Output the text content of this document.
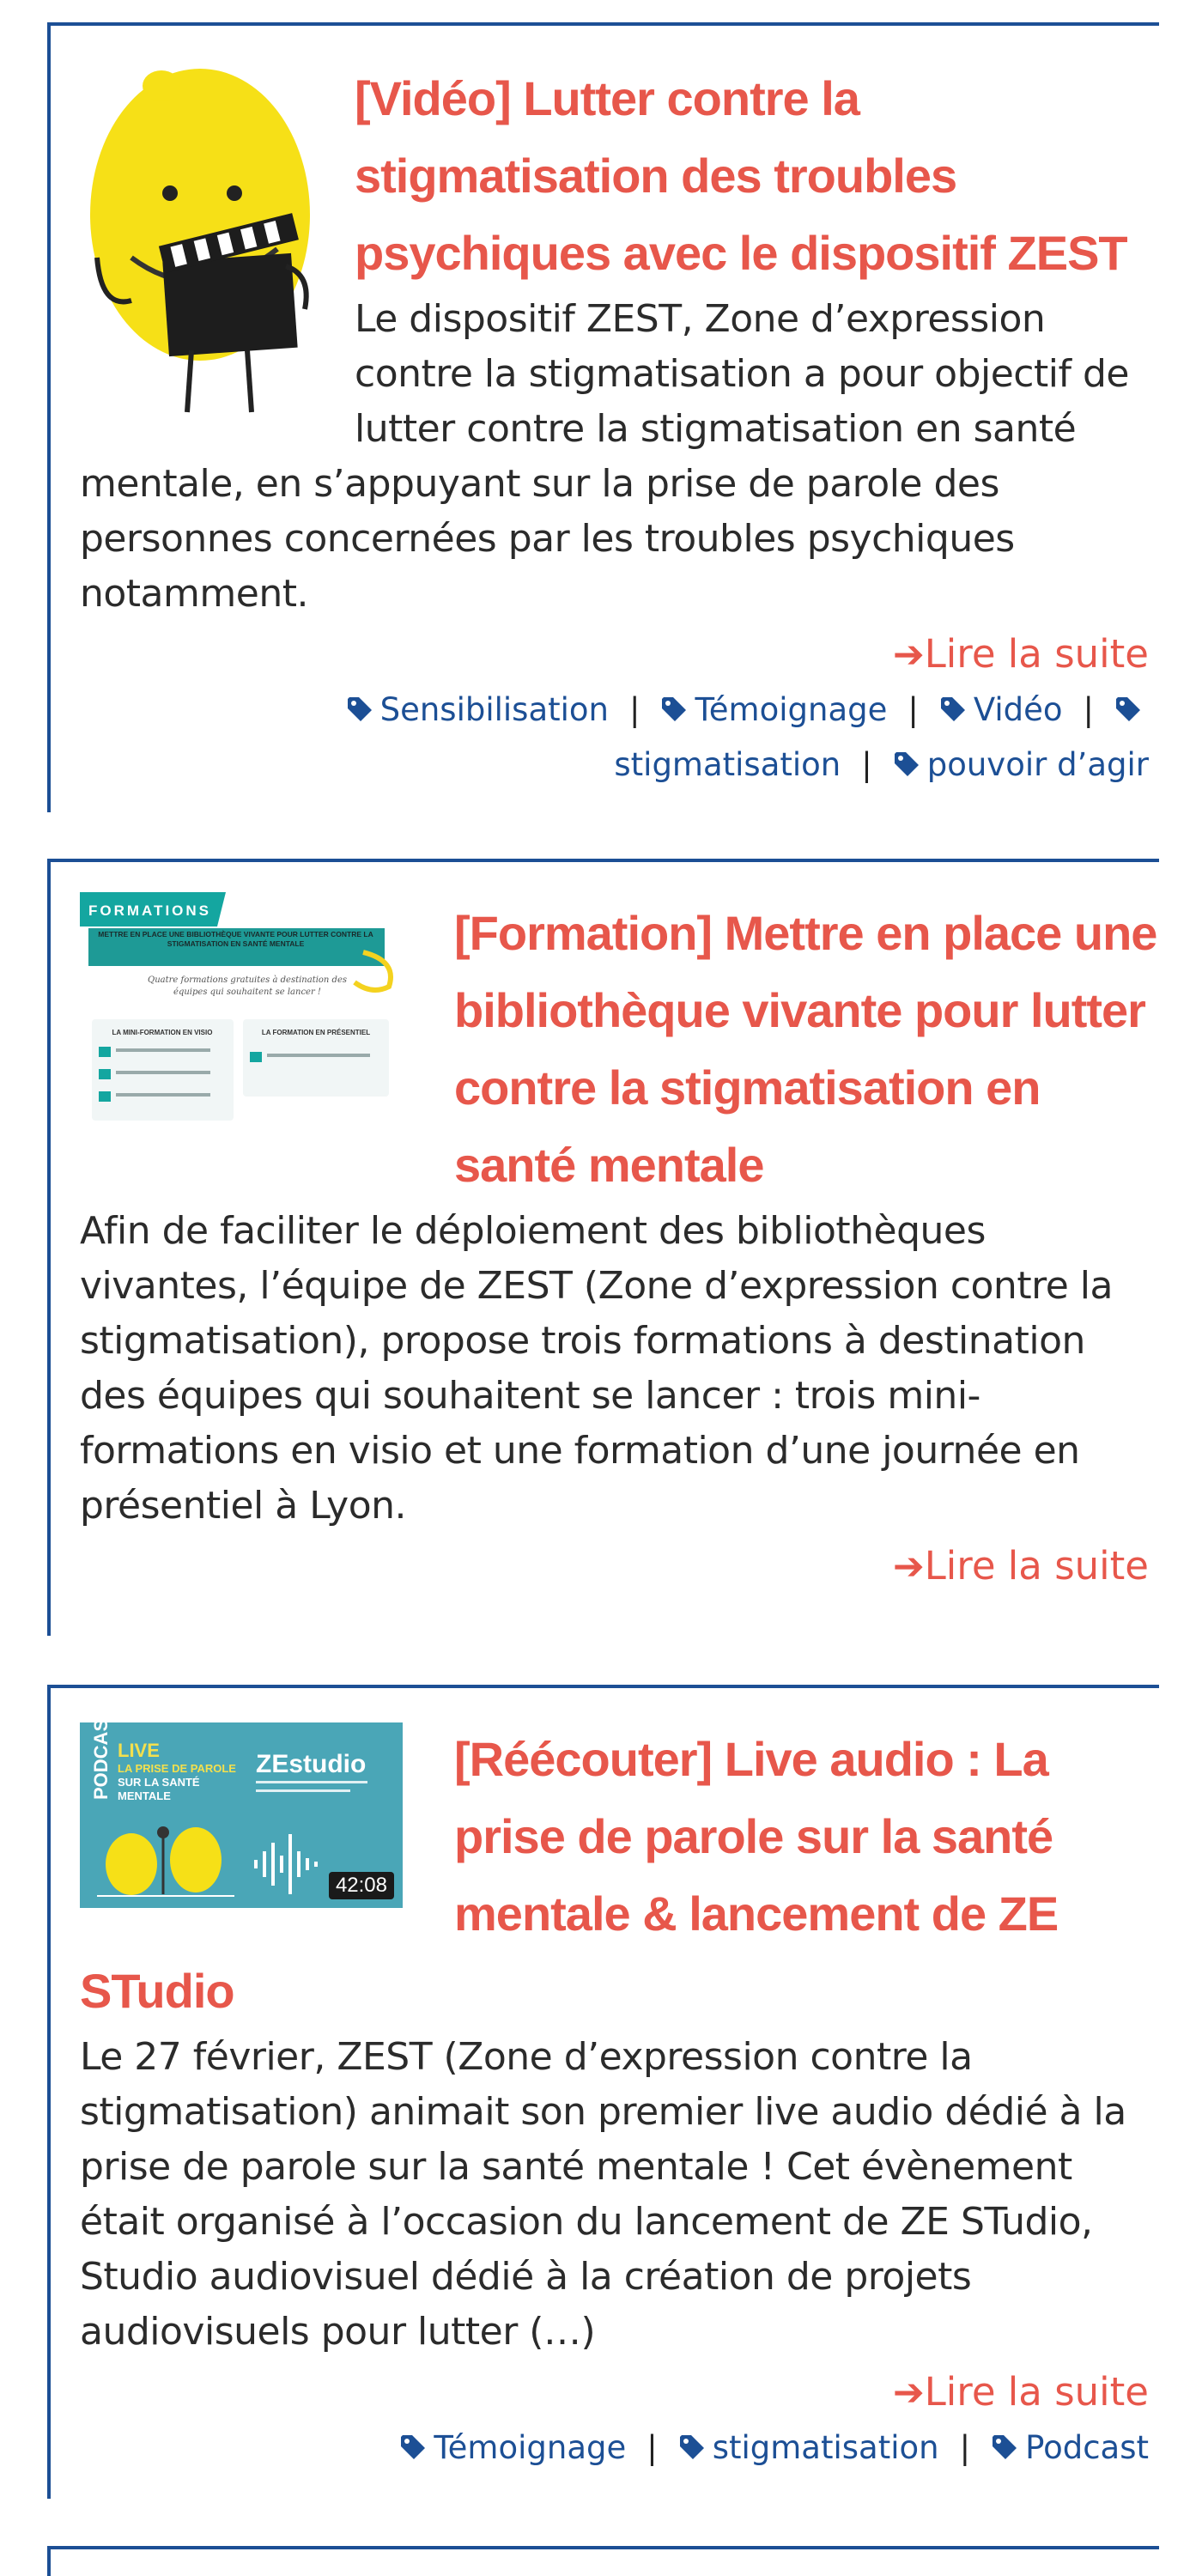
[Vidéo] Lutter contre la stigmatisation des troubles psychiques avec le dispositif ZEST

Le dispositif ZEST, Zone d’expression contre la stigmatisation a pour objectif de lutter contre la stigmatisation en santé mentale, en s’appuyant sur la prise de parole des personnes concernées par les troubles psychiques notamment.

➔Lire la suite
Sensibilisation | Témoignage | Vidéo |
stigmatisation | pouvoir d’agir
FORMATIONS
METTRE EN PLACE UNE BIBLIOTHÈQUE VIVANTE POUR LUTTER CONTRE LA STIGMATISATION EN SANTÉ MENTALE
Quatre formations gratuites à destination des équipes qui souhaitent se lancer !
LA MINI-FORMATION EN VISIO	LA FORMATION EN PRÉSENTIEL
[Formation] Mettre en place une bibliothèque vivante pour lutter contre la stigmatisation en santé mentale

Afin de faciliter le déploiement des bibliothèques vivantes, l’équipe de ZEST (Zone d’expression contre la stigmatisation), propose trois formations à destination des équipes qui souhaitent se lancer : trois mini-formations en visio et une formation d’une journée en présentiel à Lyon.

➔Lire la suite
PODCAST LIVE
LA PRISE DE PAROLE
SUR LA SANTÉ
MENTALE
ZEstudio
42:08
[Réécouter] Live audio : La prise de parole sur la santé mentale & lancement de ZE STudio

Le 27 février, ZEST (Zone d’expression contre la stigmatisation) animait son premier live audio dédié à la prise de parole sur la santé mentale ! Cet évènement était organisé à l’occasion du lancement de ZE STudio, Studio audiovisuel dédié à la création de projets audiovisuels pour lutter (…)

➔Lire la suite
Témoignage | stigmatisation | Podcast
